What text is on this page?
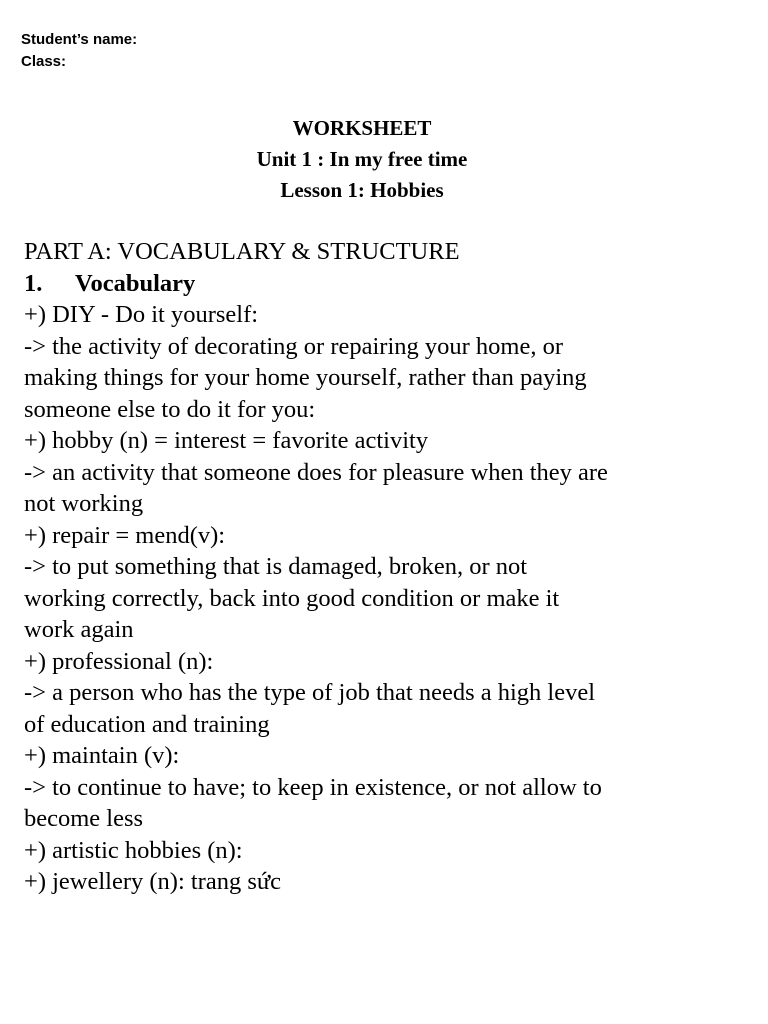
Student’s name:
Class:
WORKSHEET
Unit 1 : In my free time
Lesson 1: Hobbies
PART A: VOCABULARY & STRUCTURE
1. Vocabulary
+) DIY - Do it yourself:
-> the activity of decorating or repairing your home, or
making things for your home yourself, rather than paying
someone else to do it for you:
+) hobby (n) = interest = favorite activity
-> an activity that someone does for pleasure when they are
not working
+) repair = mend(v):
-> to put something that is damaged, broken, or not
working correctly, back into good condition or make it
work again
+) professional (n):
-> a person who has the type of job that needs a high level
of education and training
+) maintain (v):
-> to continue to have; to keep in existence, or not allow to
become less
+) artistic hobbies (n):
+) jewellery (n): trang sức
